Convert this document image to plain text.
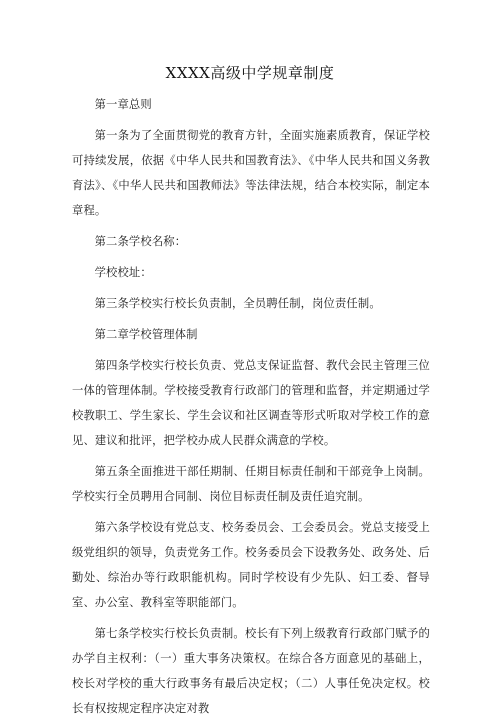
XXXX高级中学规章制度

第一章总则

第一条为了全面贯彻党的教育方针，全面实施素质教育，保证学校可持续发展，依据《中华人民共和国教育法》、《中华人民共和国义务教育法》、《中华人民共和国教师法》等法律法规，结合本校实际，制定本章程。

第二条学校名称：

学校校址：

第三条学校实行校长负责制，全员聘任制，岗位责任制。

第二章学校管理体制

第四条学校实行校长负责、党总支保证监督、教代会民主管理三位一体的管理体制。学校接受教育行政部门的管理和监督，并定期通过学校教职工、学生家长、学生会议和社区调查等形式听取对学校工作的意见、建议和批评，把学校办成人民群众满意的学校。

第五条全面推进干部任期制、任期目标责任制和干部竞争上岗制。学校实行全员聘用合同制、岗位目标责任制及责任追究制。

第六条学校设有党总支、校务委员会、工会委员会。党总支接受上级党组织的领导，负责党务工作。校务委员会下设教务处、政务处、后勤处、综治办等行政职能机构。同时学校设有少先队、妇工委、督导室、办公室、教科室等职能部门。

第七条学校实行校长负责制。校长有下列上级教育行政部门赋予的办学自主权利：（一）重大事务决策权。在综合各方面意见的基础上，校长对学校的重大行政事务有最后决定权；（二）人事任免决定权。校长有权按规定程序决定对教
